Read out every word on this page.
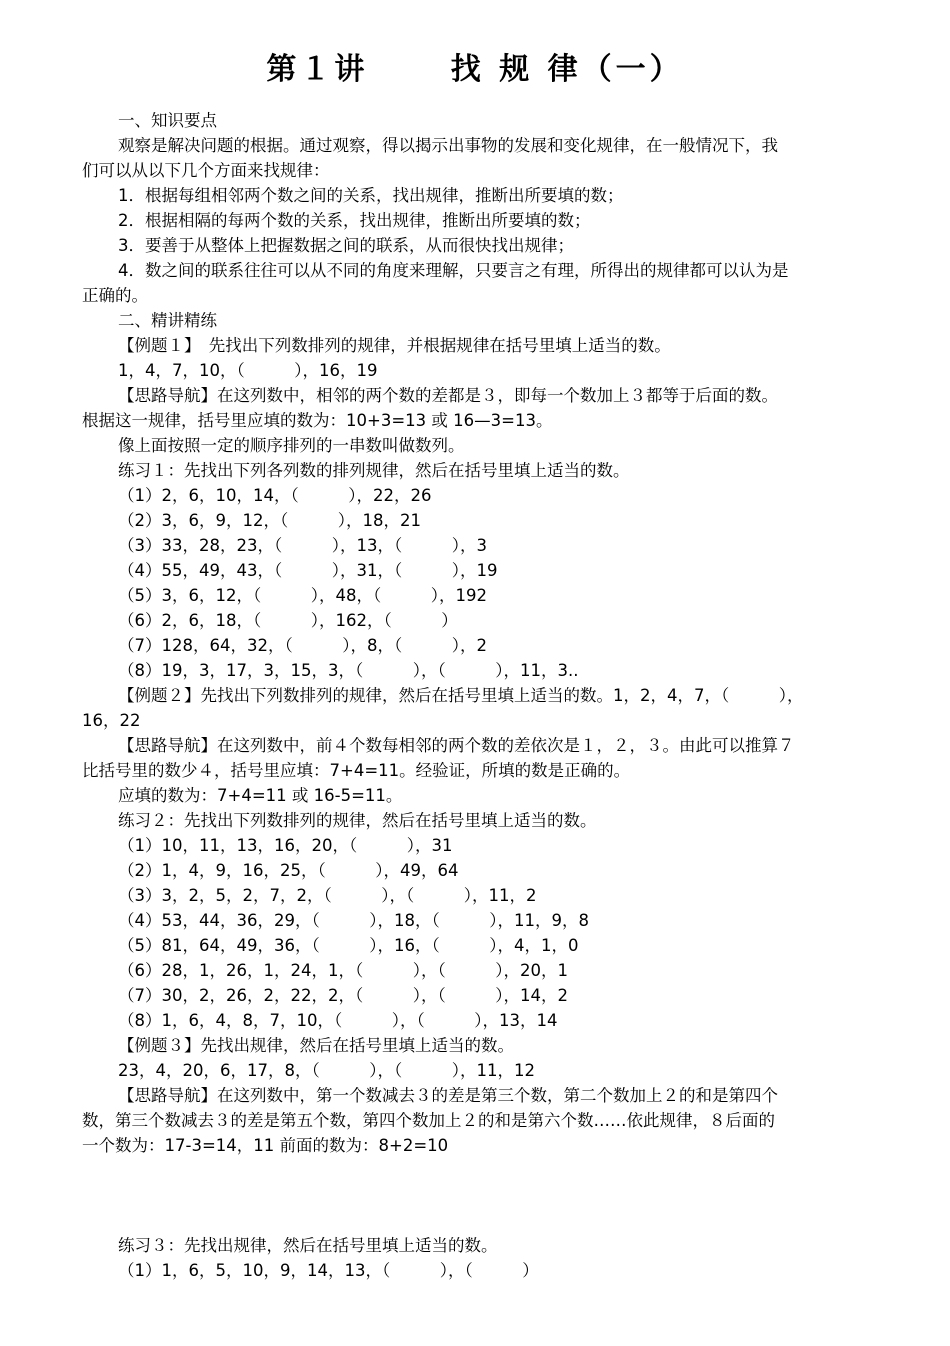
第１讲 　　找 规 律（一）
一、知识要点
观察是解决问题的根据。通过观察，得以揭示出事物的发展和变化规律，在一般情况下，我
们可以从以下几个方面来找规律：
1．根据每组相邻两个数之间的关系，找出规律，推断出所要填的数；
2．根据相隔的每两个数的关系，找出规律，推断出所要填的数；
3．要善于从整体上把握数据之间的联系，从而很快找出规律；
4．数之间的联系往往可以从不同的角度来理解，只要言之有理，所得出的规律都可以认为是
正确的。
二、精讲精练
【例题１】　先找出下列数排列的规律，并根据规律在括号里填上适当的数。
1，4，7，10，（　　　），16，19
【思路导航】在这列数中，相邻的两个数的差都是３，即每一个数加上３都等于后面的数。
根据这一规律，括号里应填的数为：10+3=13 或 16—3=13。
像上面按照一定的顺序排列的一串数叫做数列。
练习１：先找出下列各列数的排列规律，然后在括号里填上适当的数。
（1）2，6，10，14，（　　　），22，26
（2）3，6，9，12，（　　　），18，21
（3）33，28，23，（　　　），13，（　　　），3
（4）55，49，43，（　　　），31，（　　　），19
（5）3，6，12，（　　　），48，（　　　），192
（6）2，6，18，（　　　），162，（　　　）
（7）128，64，32，（　　　），8，（　　　），2
（8）19，3，17，3，15，3，（　　　），（　　　），11，3..
【例题２】先找出下列数排列的规律，然后在括号里填上适当的数。1，2，4，7，（　　　），
16，22
【思路导航】在这列数中，前４个数每相邻的两个数的差依次是１，２，３。由此可以推算７
比括号里的数少４，括号里应填：7+4=11。经验证，所填的数是正确的。
应填的数为：7+4=11 或 16-5=11。
练习２：先找出下列数排列的规律，然后在括号里填上适当的数。
（1）10，11，13，16，20，（　　　），31
（2）1，4，9，16，25，（　　　），49，64
（3）3，2，5，2，7，2，（　　　），（　　　），11，2
（4）53，44，36，29，（　　　），18，（　　　），11，9，8
（5）81，64，49，36，（　　　），16，（　　　），4，1，0
（6）28，1，26，1，24，1，（　　　），（　　　），20，1
（7）30，2，26，2，22，2，（　　　），（　　　），14，2
（8）1，6，4，8，7，10，（　　　），（　　　），13，14
【例题３】先找出规律，然后在括号里填上适当的数。
23，4，20，6，17，8，（　　　），（　　　），11，12
【思路导航】在这列数中，第一个数减去３的差是第三个数，第二个数加上２的和是第四个
数，第三个数减去３的差是第五个数，第四个数加上２的和是第六个数……依此规律，８后面的
一个数为：17-3=14，11 前面的数为：8+2=10
练习３：先找出规律，然后在括号里填上适当的数。
（1）1，6，5，10，9，14，13，（　　　），（　　　）
